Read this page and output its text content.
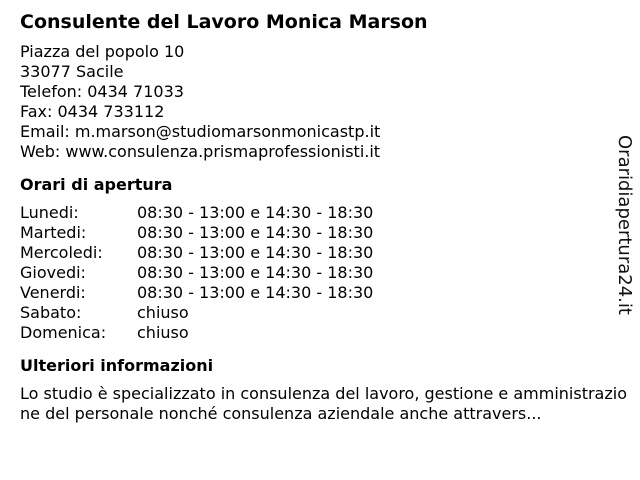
Consulente del Lavoro Monica Marson
Piazza del popolo 10
33077 Sacile
Telefon: 0434 71033
Fax: 0434 733112
Email: m.marson@studiomarsonmonicastp.it
Web: www.consulenza.prismaprofessionisti.it
Orari di apertura
Lunedi:	08:30 - 13:00 e 14:30 - 18:30
Martedi:	08:30 - 13:00 e 14:30 - 18:30
Mercoledi:	08:30 - 13:00 e 14:30 - 18:30
Giovedi:	08:30 - 13:00 e 14:30 - 18:30
Venerdi:	08:30 - 13:00 e 14:30 - 18:30
Sabato:	chiuso
Domenica:	chiuso
Ulteriori informazioni
Lo studio è specializzato in consulenza del lavoro, gestione e amministrazione del personale nonché consulenza aziendale anche attravers...
Oraridiapertura24.it
